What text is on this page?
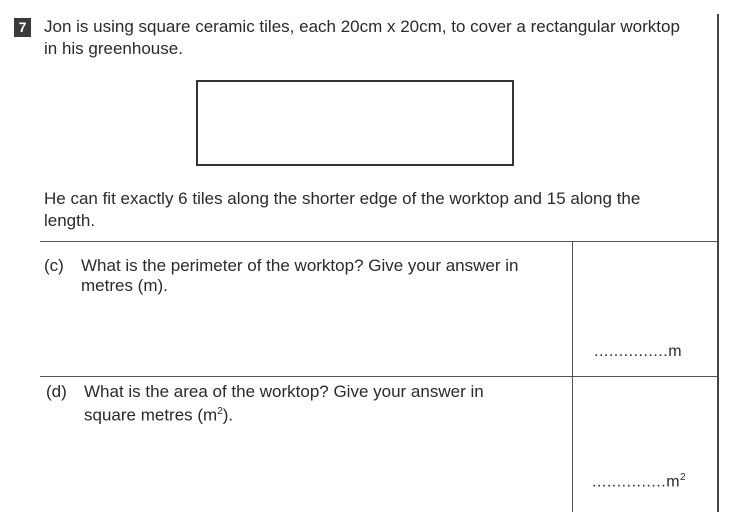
7 Jon is using square ceramic tiles, each 20cm x 20cm, to cover a rectangular worktop in his greenhouse.

He can fit exactly 6 tiles along the shorter edge of the worktop and 15 along the length.

(c) What is the perimeter of the worktop? Give your answer in metres (m).

...............m
(d) What is the area of the worktop? Give your answer in square metres $(m^2)$.

$...............m^2$
